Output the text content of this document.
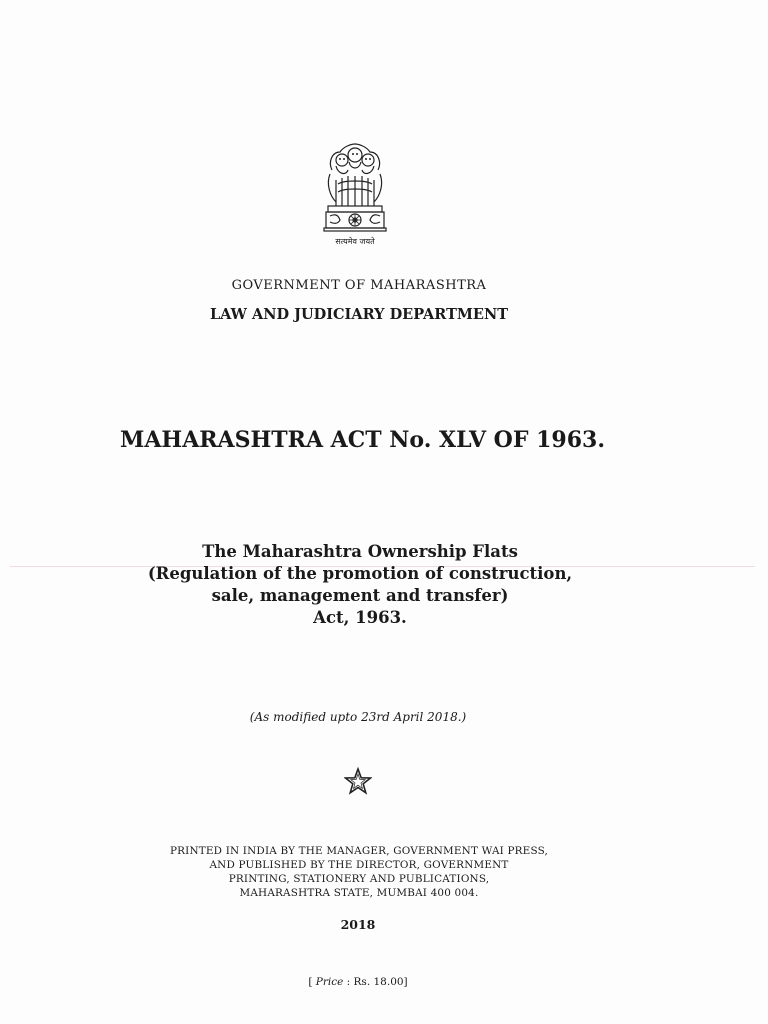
सत्यमेव जयते

GOVERNMENT OF MAHARASHTRA

LAW AND JUDICIARY DEPARTMENT

MAHARASHTRA ACT No. XLV OF 1963.
The Maharashtra Ownership Flats
(Regulation of the promotion of construction,
sale, management and transfer)
Act, 1963.

(As modified upto 23rd April 2018.)

PRINTED IN INDIA BY THE MANAGER, GOVERNMENT WAI PRESS,
AND PUBLISHED BY THE DIRECTOR, GOVERNMENT
PRINTING, STATIONERY AND PUBLICATIONS,
MAHARASHTRA STATE, MUMBAI 400 004.

2018

[ Price : Rs. 18.00]
